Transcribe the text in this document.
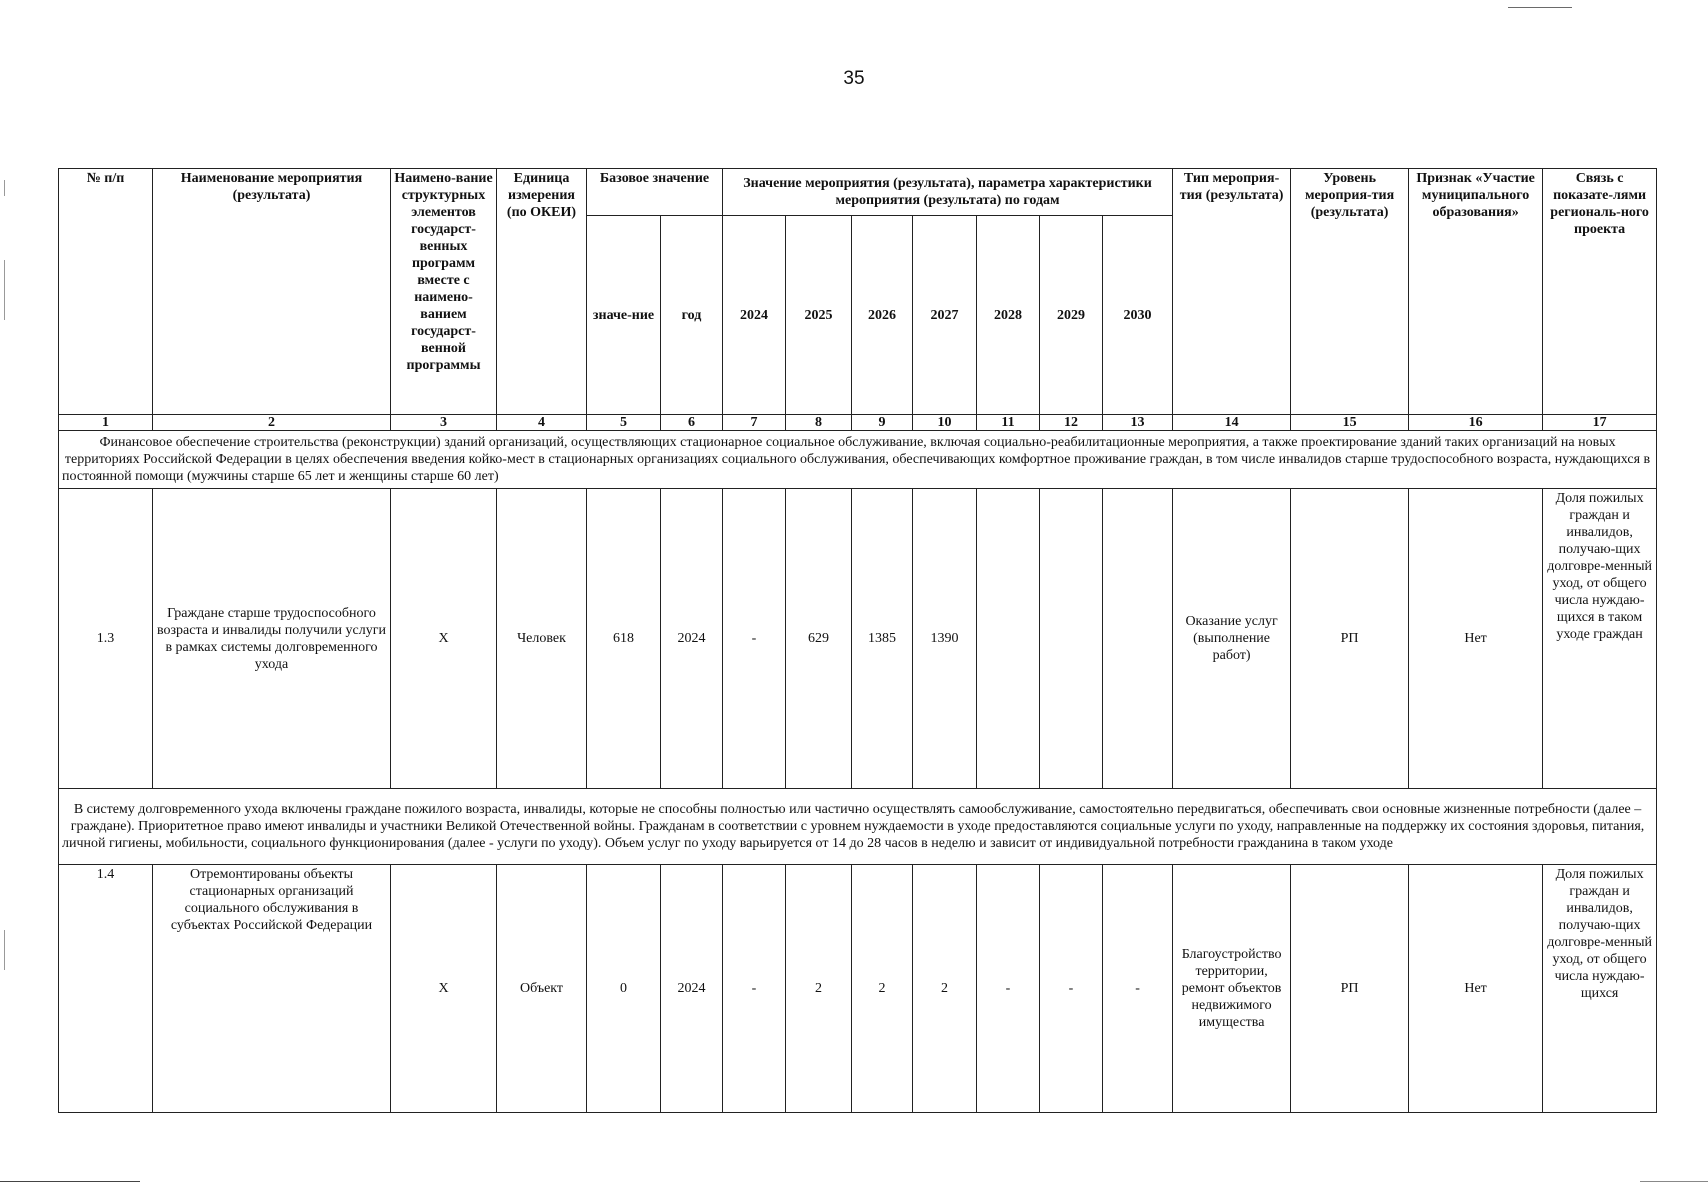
35
№ п/п	Наименование мероприятия (результата)	Наимено-вание структурных элементов государст-венных программ вместе с наимено-ванием государст-венной программы	Единица измерения (по ОКЕИ)	Базовое значение		Значение мероприятия (результата), параметра характеристики мероприятия (результата) по годам							Тип мероприя-тия (результата)	Уровень мероприя-тия (результата)	Признак «Участие муниципального образования»	Связь с показате-лями региональ-ного проекта
				значе-ние	год	2024	2025	2026	2027	2028	2029	2030				
1	2	3	4	5	6	7	8	9	10	11	12	13	14	15	16	17
Финансовое обеспечение строительства (реконструкции) зданий организаций, осуществляющих стационарное социальное обслуживание, включая социально-реабилитационные мероприятия, а также проектирование зданий таких организаций на новых территориях Российской Федерации в целях обеспечения введения койко-мест в стационарных организациях социального обслуживания, обеспечивающих комфортное проживание граждан, в том числе инвалидов старше трудоспособного возраста, нуждающихся в постоянной помощи (мужчины старше 65 лет и женщины старше 60 лет)																
1.3	Граждане старше трудоспособного возраста и инвалиды получили услуги в рамках системы долговременного ухода	Х	Человек	618	2024	-	629	1385	1390				Оказание услуг (выполнение работ)	РП	Нет	Доля пожилых граждан и инвалидов, получаю-щих долговре-менный уход, от общего числа нуждаю-щихся в таком уходе граждан
В систему долговременного ухода включены граждане пожилого возраста, инвалиды, которые не способны полностью или частично осуществлять самообслуживание, самостоятельно передвигаться, обеспечивать свои основные жизненные потребности (далее – граждане). Приоритетное право имеют инвалиды и участники Великой Отечественной войны. Гражданам в соответствии с уровнем нуждаемости в уходе предоставляются социальные услуги по уходу, направленные на поддержку их состояния здоровья, питания, личной гигиены, мобильности, социального функционирования (далее - услуги по уходу). Объем услуг по уходу варьируется от 14 до 28 часов в неделю и зависит от индивидуальной потребности гражданина в таком уходе																
1.4	Отремонтированы объекты стационарных организаций социального обслуживания в субъектах Российской Федерации	Х	Объект	0	2024	-	2	2	2	-	-	-	Благоустройство территории, ремонт объектов недвижимого имущества	РП	Нет	Доля пожилых граждан и инвалидов, получаю-щих долговре-менный уход, от общего числа нуждаю-щихся
